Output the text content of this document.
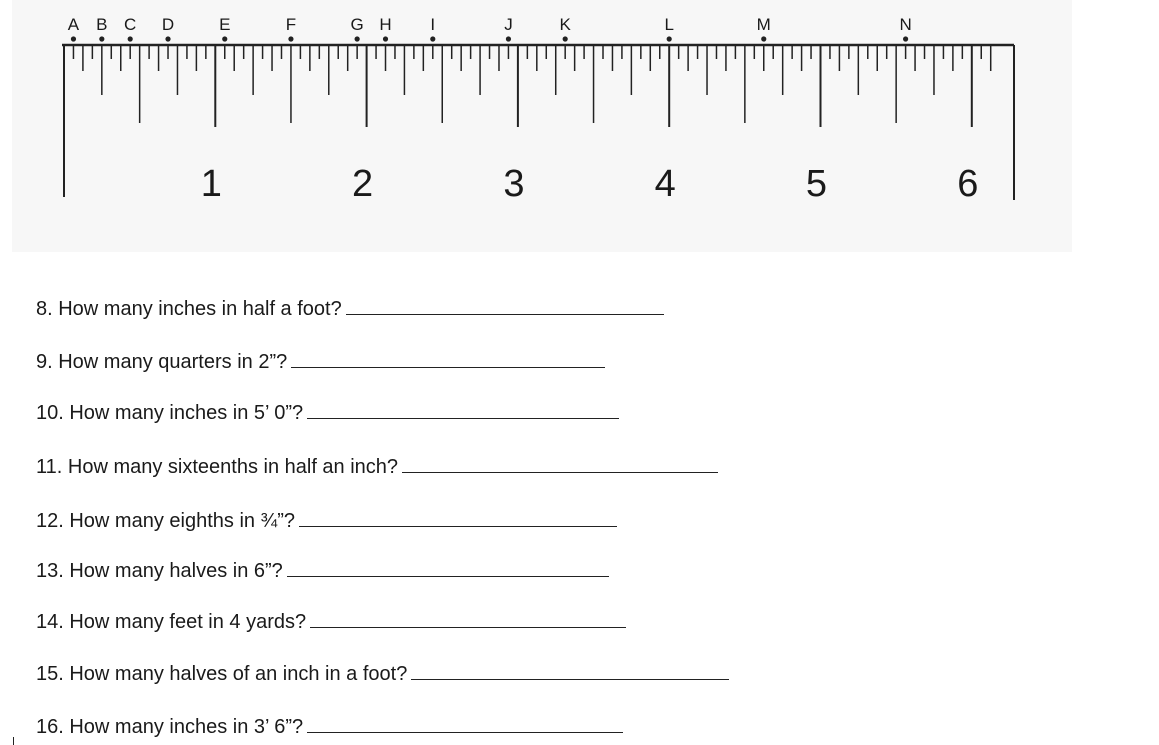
1	2	3	4	5	6
A B C D	E	F	G H I	J	K	L	M	N
8. How many inches in half a foot?
9. How many quarters in 2”?
10. How many inches in 5’ 0”?
11. How many sixteenths in half an inch?
12. How many eighths in ¾”?
13. How many halves in 6”?
14. How many feet in 4 yards?
15. How many halves of an inch in a foot?
16. How many inches in 3’ 6”?
